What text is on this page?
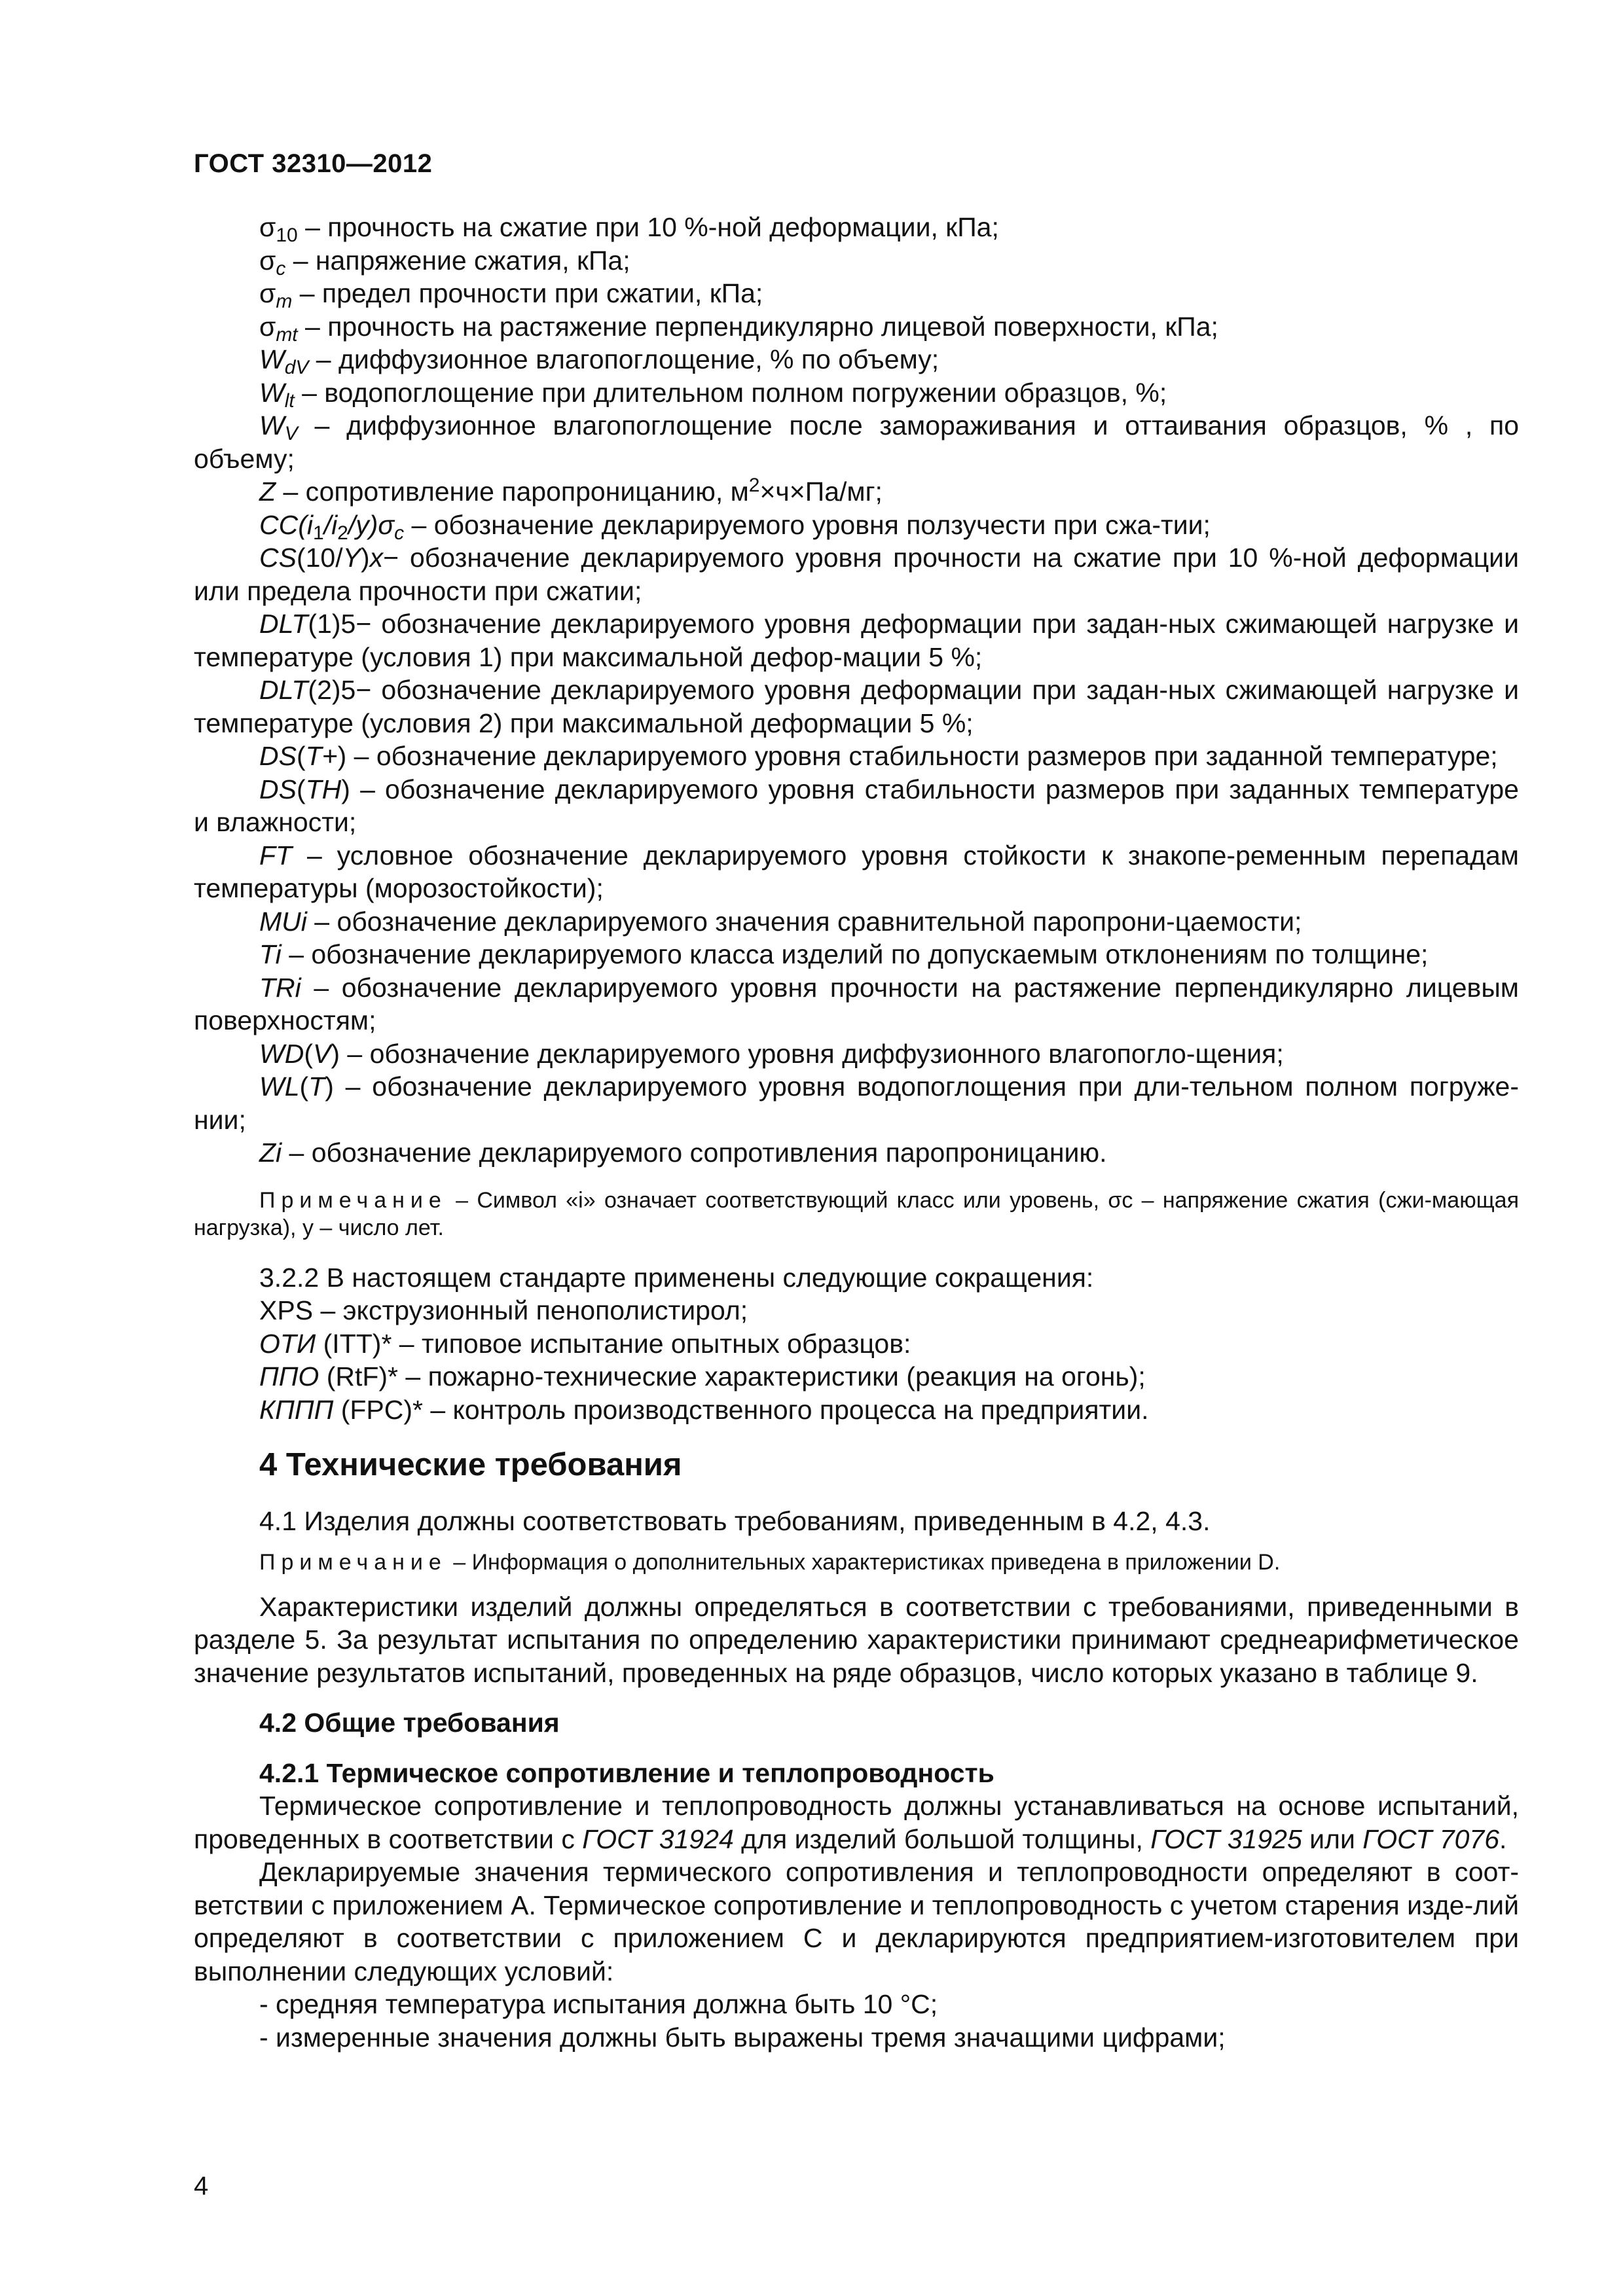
ГОСТ 32310—2012

$\sigma_{10}$ – прочность на сжатие при 10 %-ной деформации, кПа;

$\sigma_c$ – напряжение сжатия, кПа;

$\sigma_m$ – предел прочности при сжатии, кПа;

$\sigma_{mt}$ – прочность на растяжение перпендикулярно лицевой поверхности, кПа;

$W_{dV}$ – диффузионное влагопоглощение, % по объему;

$W_{lt}$ – водопоглощение при длительном полном погружении образцов, %;

$W_V$ – диффузионное влагопоглощение после замораживания и оттаивания образцов, % , по объему;

Z – сопротивление паропроницанию, $м^2\times ч\times Па/мг$;

$CC(i_1/i_2/y)\sigma_c$ – обозначение декларируемого уровня ползучести при сжа-тии;

CS(10/Y)x− обозначение декларируемого уровня прочности на сжатие при 10 %-ной деформации или предела прочности при сжатии;

DLT(1)5− обозначение декларируемого уровня деформации при задан-ных сжимающей нагрузке и температуре (условия 1) при максимальной дефор-мации 5 %;

DLT(2)5− обозначение декларируемого уровня деформации при задан-ных сжимающей нагрузке и температуре (условия 2) при максимальной деформации 5 %;

DS(T+) – обозначение декларируемого уровня стабильности размеров при заданной температуре;

DS(TH) – обозначение декларируемого уровня стабильности размеров при заданных температуре и влажности;

FT – условное обозначение декларируемого уровня стойкости к знакопе-ременным перепадам температуры (морозостойкости);

MUi – обозначение декларируемого значения сравнительной паропрони-цаемости;

Ti – обозначение декларируемого класса изделий по допускаемым отклонениям по толщине;

TRi – обозначение декларируемого уровня прочности на растяжение перпендикулярно лицевым поверхностям;

WD(V) – обозначение декларируемого уровня диффузионного влагопогло-щения;

WL(T) – обозначение декларируемого уровня водопоглощения при дли-тельном полном погруже-нии;

Zi – обозначение декларируемого сопротивления паропроницанию.

Примечание – Символ «i» означает соответствующий класс или уровень, σc – напряжение сжатия (сжи-мающая нагрузка), y – число лет.

3.2.2 В настоящем стандарте применены следующие сокращения:

XPS – экструзионный пенополистирол;

ОТИ (ITT)* – типовое испытание опытных образцов:

ППО (RtF)* – пожарно-технические характеристики (реакция на огонь);

КППП (FPC)* – контроль производственного процесса на предприятии.

4 Технические требования

4.1 Изделия должны соответствовать требованиям, приведенным в 4.2, 4.3.

Примечание – Информация о дополнительных характеристиках приведена в приложении D.

Характеристики изделий должны определяться в соответствии с требованиями, приведенными в разделе 5. За результат испытания по определению характеристики принимают среднеарифметическое значение результатов испытаний, проведенных на ряде образцов, число которых указано в таблице 9.

4.2 Общие требования

4.2.1 Термическое сопротивление и теплопроводность

Термическое сопротивление и теплопроводность должны устанавливаться на основе испытаний, проведенных в соответствии с ГОСТ 31924 для изделий большой толщины, ГОСТ 31925 или ГОСТ 7076.

Декларируемые значения термического сопротивления и теплопроводности определяют в соот-ветствии с приложением А. Термическое сопротивление и теплопроводность с учетом старения изде-лий определяют в соответствии с приложением С и декларируются предприятием-изготовителем при выполнении следующих условий:

- средняя температура испытания должна быть 10 °С;

- измеренные значения должны быть выражены тремя значащими цифрами;

4
